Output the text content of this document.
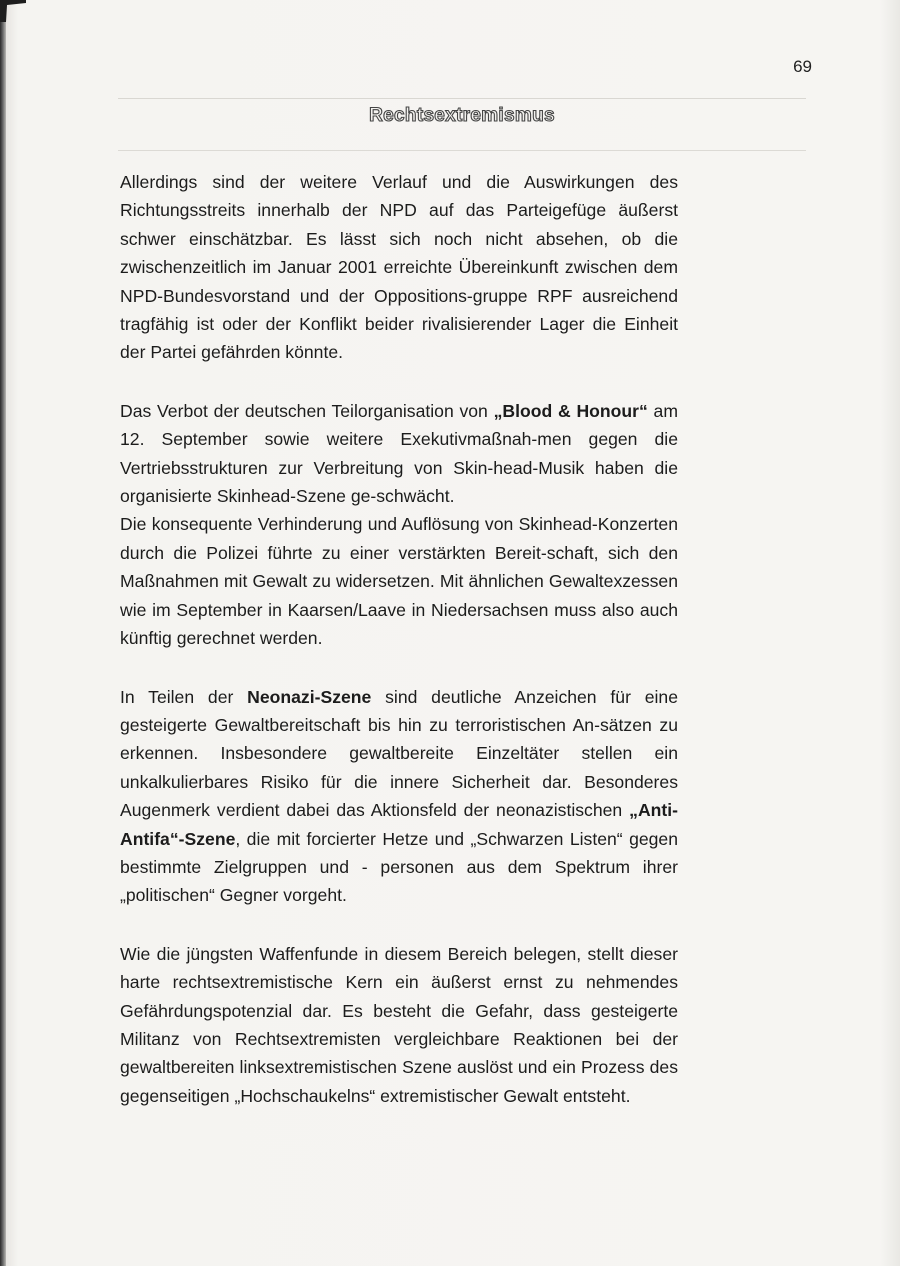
69
Rechtsextremismus

Allerdings sind der weitere Verlauf und die Auswirkungen des Richtungsstreits innerhalb der NPD auf das Parteigefüge äußerst schwer einschätzbar. Es lässt sich noch nicht absehen, ob die zwischenzeitlich im Januar 2001 erreichte Übereinkunft zwischen dem NPD-Bundesvorstand und der Oppositions-gruppe RPF ausreichend tragfähig ist oder der Konflikt beider rivalisierender Lager die Einheit der Partei gefährden könnte.

Das Verbot der deutschen Teilorganisation von „Blood & Honour“ am 12. September sowie weitere Exekutivmaßnah-men gegen die Vertriebsstrukturen zur Verbreitung von Skin-head-Musik haben die organisierte Skinhead-Szene ge-schwächt.

Die konsequente Verhinderung und Auflösung von Skinhead-Konzerten durch die Polizei führte zu einer verstärkten Bereit-schaft, sich den Maßnahmen mit Gewalt zu widersetzen. Mit ähnlichen Gewaltexzessen wie im September in Kaarsen/Laave in Niedersachsen muss also auch künftig gerechnet werden.

In Teilen der Neonazi-Szene sind deutliche Anzeichen für eine gesteigerte Gewaltbereitschaft bis hin zu terroristischen An-sätzen zu erkennen. Insbesondere gewaltbereite Einzeltäter stellen ein unkalkulierbares Risiko für die innere Sicherheit dar. Besonderes Augenmerk verdient dabei das Aktionsfeld der neonazistischen „Anti-Antifa“-Szene, die mit forcierter Hetze und „Schwarzen Listen“ gegen bestimmte Zielgruppen und - personen aus dem Spektrum ihrer „politischen“ Gegner vorgeht.

Wie die jüngsten Waffenfunde in diesem Bereich belegen, stellt dieser harte rechtsextremistische Kern ein äußerst ernst zu nehmendes Gefährdungspotenzial dar. Es besteht die Gefahr, dass gesteigerte Militanz von Rechtsextremisten vergleichbare Reaktionen bei der gewaltbereiten linksextremistischen Szene auslöst und ein Prozess des gegenseitigen „Hochschaukelns“ extremistischer Gewalt entsteht.
